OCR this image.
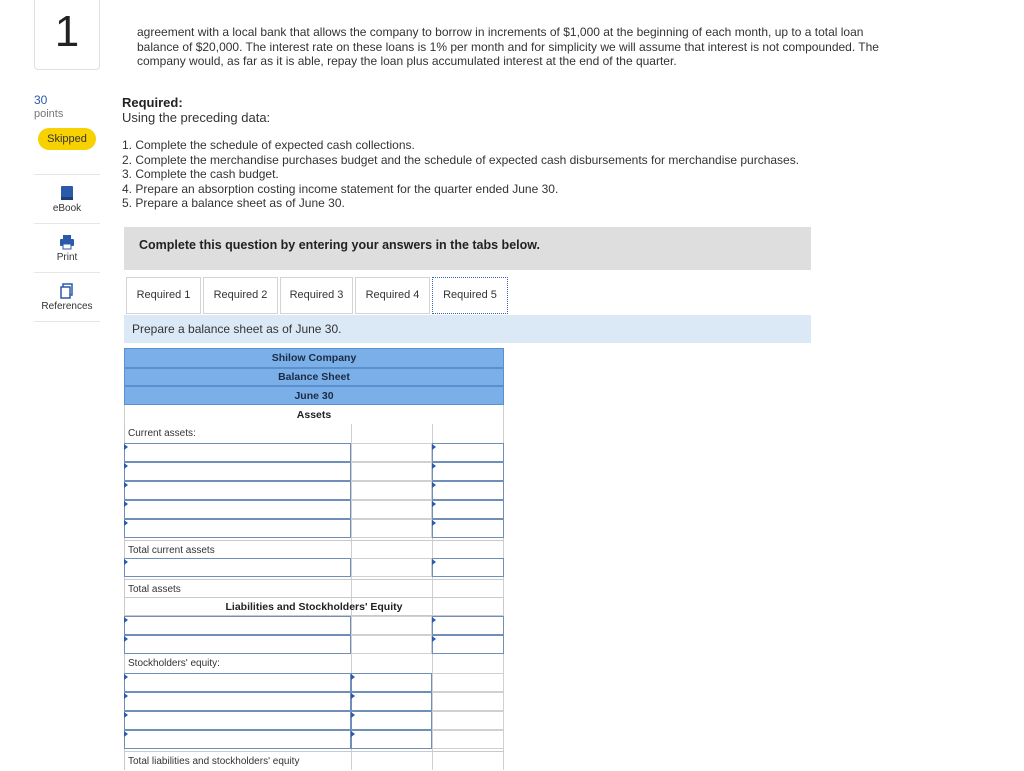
1
30
points
Skipped
eBook
Print
References
agreement with a local bank that allows the company to borrow in increments of $1,000 at the beginning of each month, up to a total loan balance of $20,000. The interest rate on these loans is 1% per month and for simplicity we will assume that interest is not compounded. The company would, as far as it is able, repay the loan plus accumulated interest at the end of the quarter.
Required:
Using the preceding data:
1. Complete the schedule of expected cash collections.
2. Complete the merchandise purchases budget and the schedule of expected cash disbursements for merchandise purchases.
3. Complete the cash budget.
4. Prepare an absorption costing income statement for the quarter ended June 30.
5. Prepare a balance sheet as of June 30.
Complete this question by entering your answers in the tabs below.
Required 1	Required 2	Required 3	Required 4	Required 5
Prepare a balance sheet as of June 30.
Shilow Company
Balance Sheet
June 30
Assets
Current assets:
Total current assets
Total assets
Liabilities and Stockholders' Equity
Stockholders' equity:
Total liabilities and stockholders' equity
